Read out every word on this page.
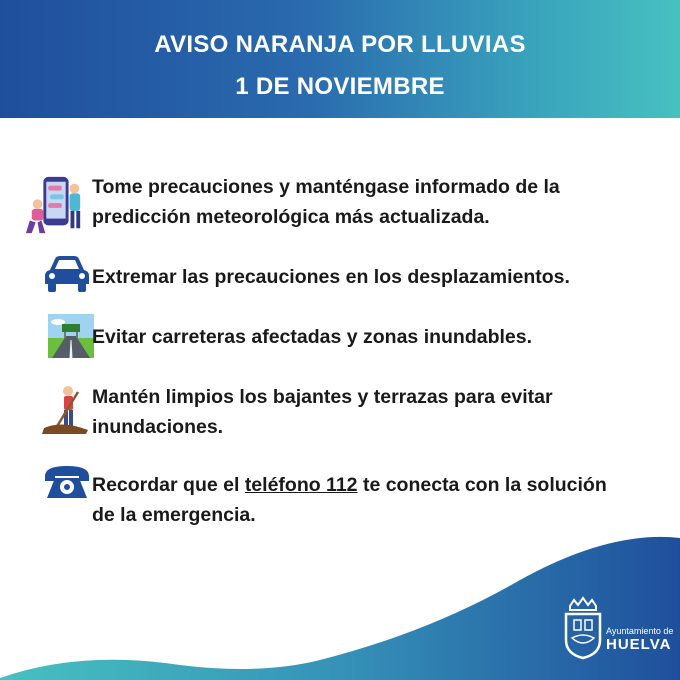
AVISO NARANJA POR LLUVIAS
1 DE NOVIEMBRE
Tome precauciones y manténgase informado de la
predicción meteorológica más actualizada.
Extremar las precauciones en los desplazamientos.
Evitar carreteras afectadas y zonas inundables.
Mantén limpios los bajantes y terrazas para evitar
inundaciones.
Recordar que el teléfono 112 te conecta con la solución
de la emergencia.
Ayuntamiento de
HUELVA
